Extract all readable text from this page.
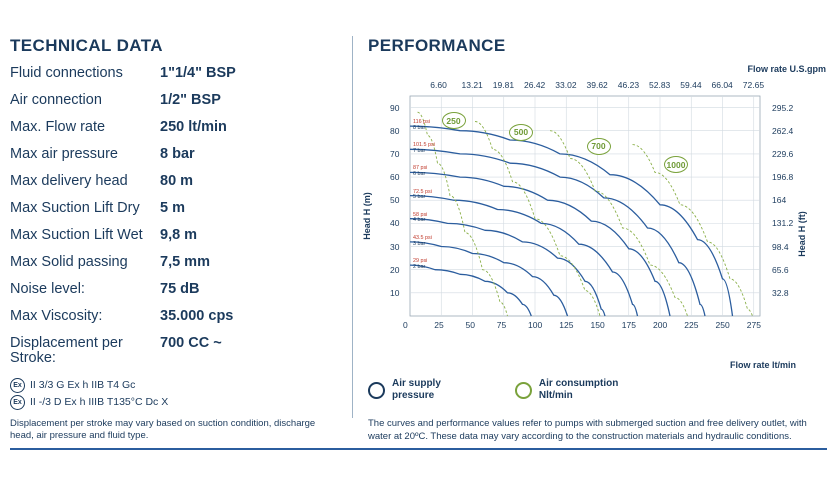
TECHNICAL DATA
Fluid connections	1"1/4" BSP
Air connection	1/2" BSP
Max. Flow rate	250 lt/min
Max air pressure	8 bar
Max delivery head	80 m
Max Suction Lift Dry	5 m
Max Suction Lift Wet	9,8 m
Max Solid passing	7,5 mm
Noise level:	75 dB
Max Viscosity:	35.000 cps
Displacement per Stroke:
700 CC ~
Ex II 3/3 G Ex h IIB T4 Gc
Ex II -/3 D Ex h IIIB T135°C Dc X
Displacement per stroke may vary based on suction condition, discharge head, air pressure and fluid type.
PERFORMANCE
Flow rate U.S.gpm
Flow rate lt/min
Head H (m)	Head H (ft)
6.60 13.21 19.81 26.42 33.02 39.62 46.23 52.83 59.44 66.04 72.65
0	25	50	75	100 125 150 175 200 225 250 275
10
20
30
40
50
60
70
80
90
32.8
65.6
98.4
131.2
164
196.8
229.6
262.4
295.2
116 psi
8 bar
101.5 psi
7 bar
87 psi
6 bar
72.5 psi
5 bar
58 psi
4 bar
43.5 psi
3 bar
29 psi
2 bar
250
500
700
1000
Air supply
pressure
Air consumption
Nlt/min
The curves and performance values refer to pumps with submerged suction and free delivery outlet, with water at 20ºC. These data may vary according to the construction materials and hydraulic conditions.
